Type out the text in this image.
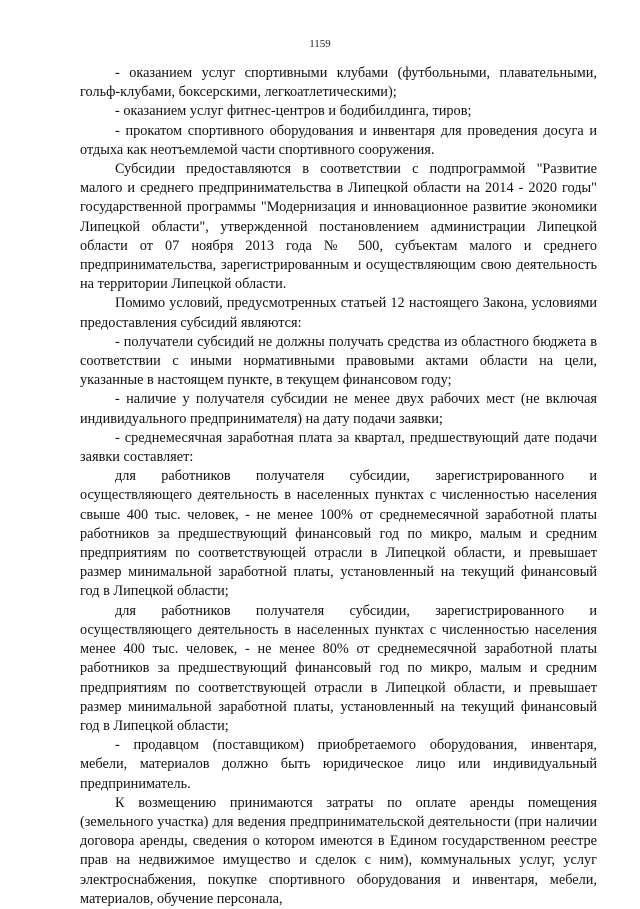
1159

- оказанием услуг спортивными клубами (футбольными, плавательными, гольф-клубами, боксерскими, легкоатлетическими);

- оказанием услуг фитнес-центров и бодибилдинга, тиров;

- прокатом спортивного оборудования и инвентаря для проведения досуга и отдыха как неотъемлемой части спортивного сооружения.

Субсидии предоставляются в соответствии с подпрограммой "Развитие малого и среднего предпринимательства в Липецкой области на 2014 - 2020 годы" государственной программы "Модернизация и инновационное развитие экономики Липецкой области", утвержденной постановлением администрации Липецкой области от 07 ноября 2013 года № 500, субъектам малого и среднего предпринимательства, зарегистрированным и осуществляющим свою деятельность на территории Липецкой области.

Помимо условий, предусмотренных статьей 12 настоящего Закона, условиями предоставления субсидий являются:

- получатели субсидий не должны получать средства из областного бюджета в соответствии с иными нормативными правовыми актами области на цели, указанные в настоящем пункте, в текущем финансовом году;

- наличие у получателя субсидии не менее двух рабочих мест (не включая индивидуального предпринимателя) на дату подачи заявки;

- среднемесячная заработная плата за квартал, предшествующий дате подачи заявки составляет:

для работников получателя субсидии, зарегистрированного и осуществляющего деятельность в населенных пунктах с численностью населения свыше 400 тыс. человек, - не менее 100% от среднемесячной заработной платы работников за предшествующий финансовый год по микро, малым и средним предприятиям по соответствующей отрасли в Липецкой области, и превышает размер минимальной заработной платы, установленный на текущий финансовый год в Липецкой области;

для работников получателя субсидии, зарегистрированного и осуществляющего деятельность в населенных пунктах с численностью населения менее 400 тыс. человек, - не менее 80% от среднемесячной заработной платы работников за предшествующий финансовый год по микро, малым и средним предприятиям по соответствующей отрасли в Липецкой области, и превышает размер минимальной заработной платы, установленный на текущий финансовый год в Липецкой области;

- продавцом (поставщиком) приобретаемого оборудования, инвентаря, мебели, материалов должно быть юридическое лицо или индивидуальный предприниматель.

К возмещению принимаются затраты по оплате аренды помещения (земельного участка) для ведения предпринимательской деятельности (при наличии договора аренды, сведения о котором имеются в Едином государственном реестре прав на недвижимое имущество и сделок с ним), коммунальных услуг, услуг электроснабжения, покупке спортивного оборудования и инвентаря, мебели, материалов, обучение персонала,
